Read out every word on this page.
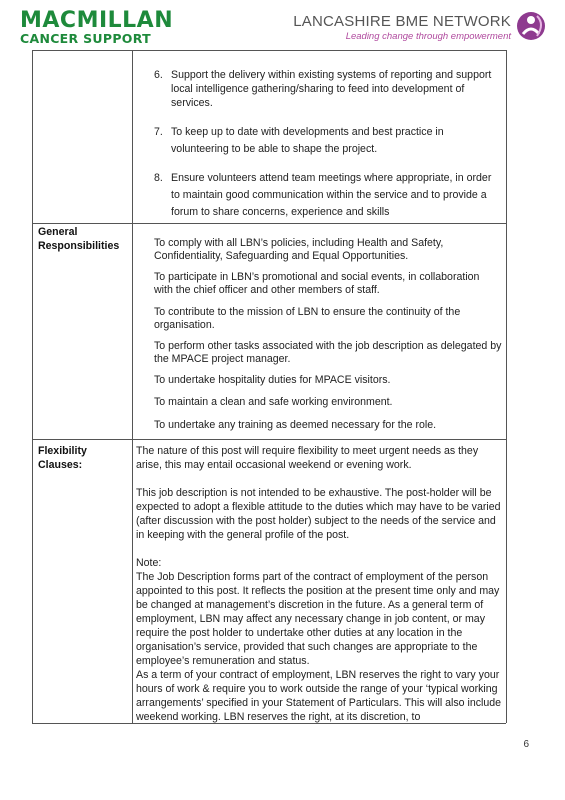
MACMILLAN
CANCER SUPPORT
LANCASHIRE BME NETWORK
Leading change through empowerment
6. Support the delivery within existing systems of reporting and support local intelligence gathering/sharing to feed into development of services.
7. To keep up to date with developments and best practice in volunteering to be able to shape the project.
8. Ensure volunteers attend team meetings where appropriate, in order to maintain good communication within the service and to provide a forum to share concerns, experience and skills
General Responsibilities	To comply with all LBN’s policies, including Health and Safety, Confidentiality, Safeguarding and Equal Opportunities.
To participate in LBN’s promotional and social events, in collaboration with the chief officer and other members of staff.
To contribute to the mission of LBN to ensure the continuity of the organisation.
To perform other tasks associated with the job description as delegated by the MPACE project manager.
To undertake hospitality duties for MPACE visitors.
To maintain a clean and safe working environment.
To undertake any training as deemed necessary for the role.
Flexibility Clauses:
The nature of this post will require flexibility to meet urgent needs as they arise, this may entail occasional weekend or evening work.
This job description is not intended to be exhaustive. The post-holder will be expected to adopt a flexible attitude to the duties which may have to be varied (after discussion with the post holder) subject to the needs of the service and in keeping with the general profile of the post.
Note:
The Job Description forms part of the contract of employment of the person appointed to this post. It reflects the position at the present time only and may be changed at management’s discretion in the future. As a general term of employment, LBN may affect any necessary change in job content, or may require the post holder to undertake other duties at any location in the organisation’s service, provided that such changes are appropriate to the employee’s remuneration and status.
As a term of your contract of employment, LBN reserves the right to vary your hours of work & require you to work outside the range of your ‘typical working arrangements’ specified in your Statement of Particulars. This will also include weekend working. LBN reserves the right, at its discretion, to
6
